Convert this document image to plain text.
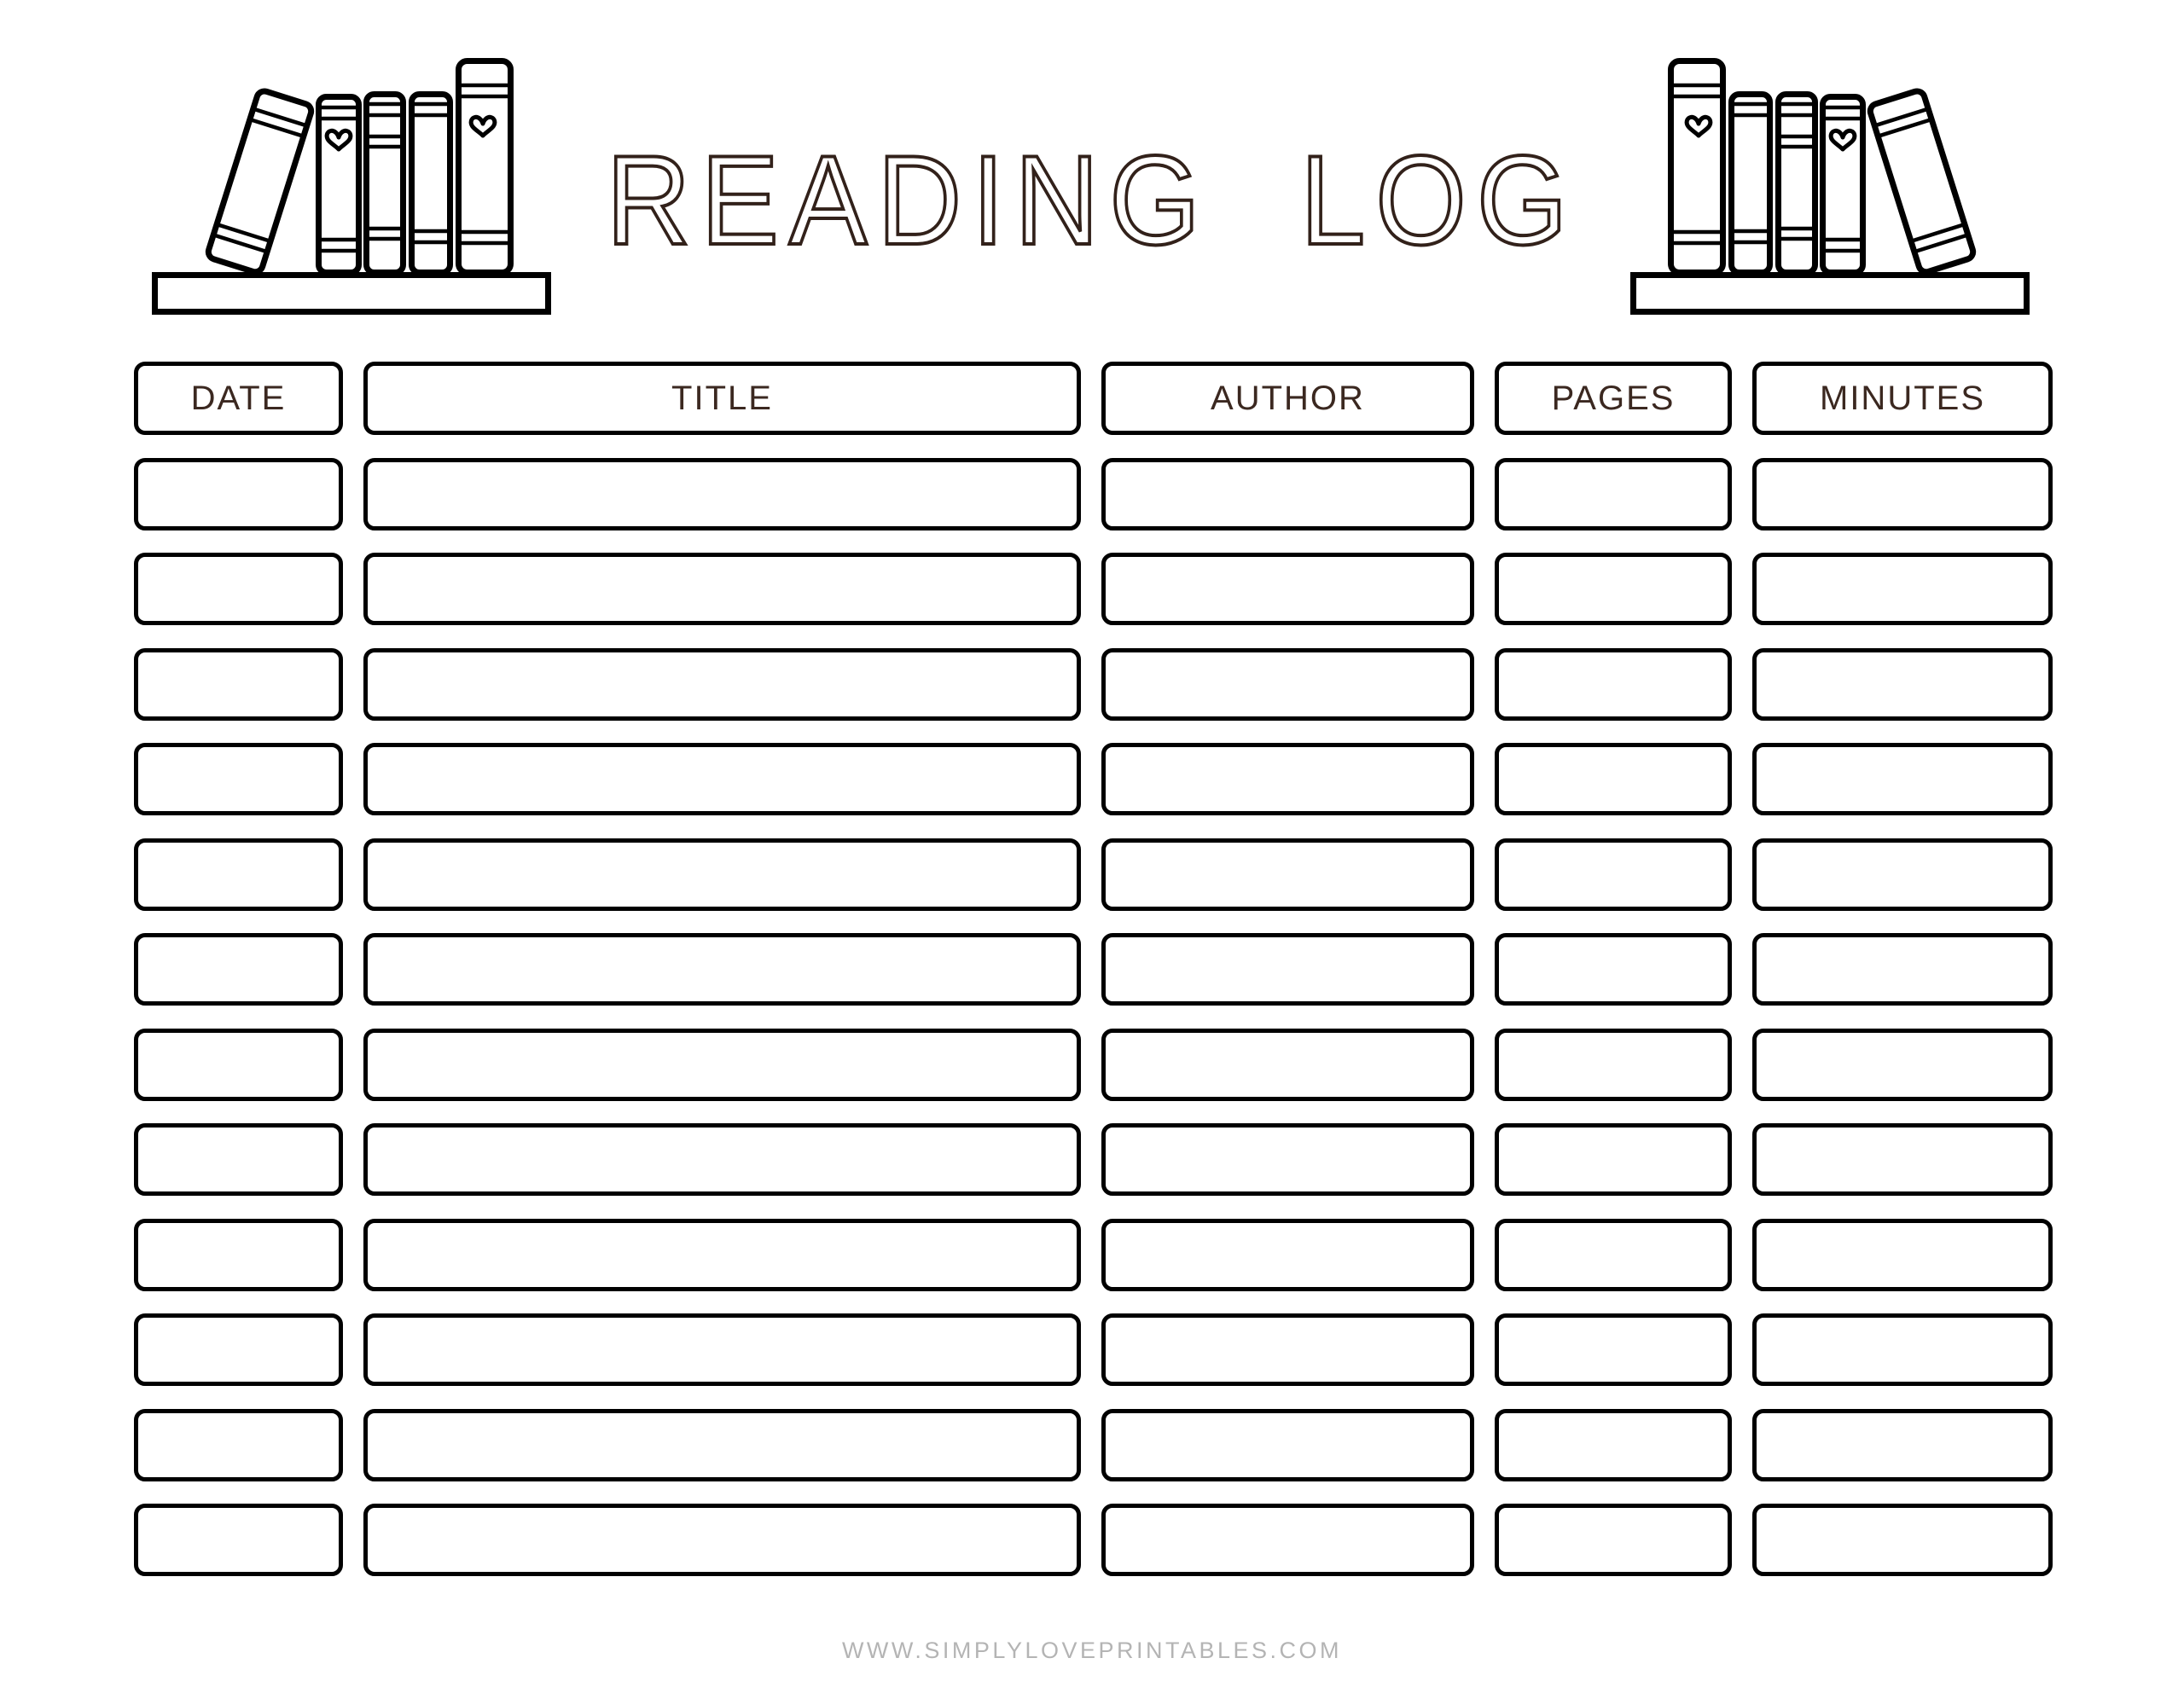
READING LOG
DATE	TITLE	AUTHOR	PAGES	MINUTES
WWW.SIMPLYLOVEPRINTABLES.COM
